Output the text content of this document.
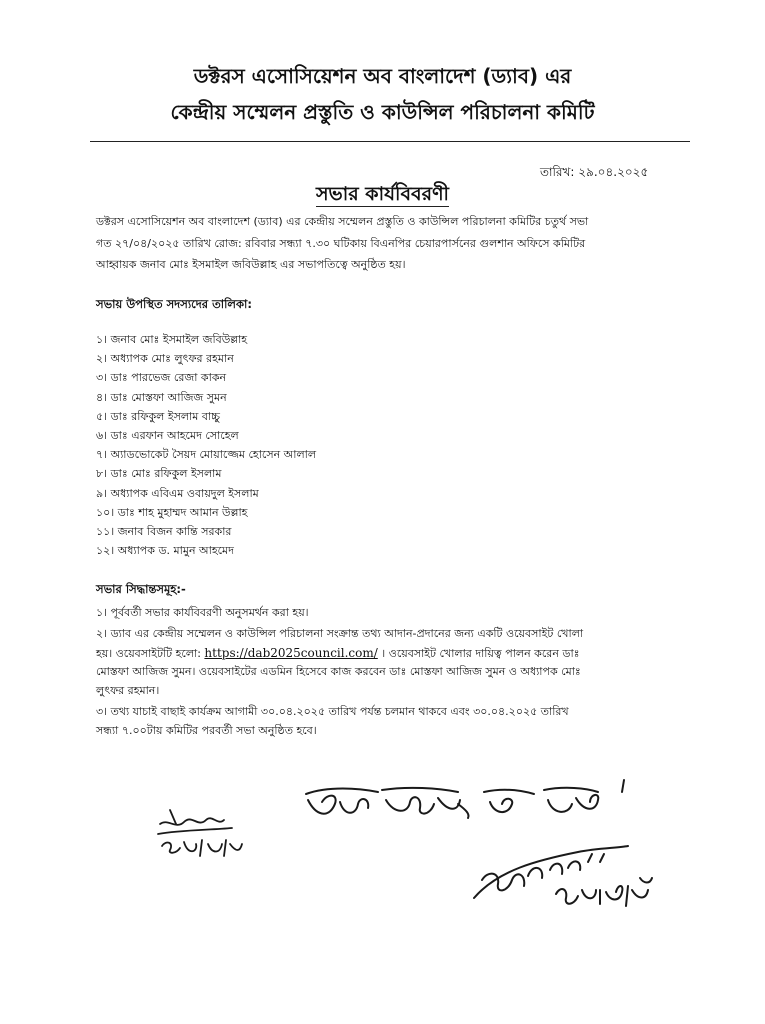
ডক্টরস এসোসিয়েশন অব বাংলাদেশ (ড্যাব) এর
কেন্দ্রীয় সম্মেলন প্রস্তুতি ও কাউন্সিল পরিচালনা কমিটি
তারিখ: ২৯.০৪.২০২৫
সভার কার্যবিবরণী
ডক্টরস এসোসিয়েশন অব বাংলাদেশ (ড্যাব) এর কেন্দ্রীয় সম্মেলন প্রস্তুতি ও কাউন্সিল পরিচালনা কমিটির চতুর্থ সভা
গত ২৭/০৪/২০২৫ তারিখ রোজ: রবিবার সন্ধ্যা ৭.৩০ ঘটিকায় বিএনপির চেয়ারপার্সনের গুলশান অফিসে কমিটির
আহ্বায়ক জনাব মোঃ ইসমাইল জবিউল্লাহ এর সভাপতিত্বে অনুষ্ঠিত হয়।
সভায় উপস্থিত সদস্যদের তালিকা:
১। জনাব মোঃ ইসমাইল জবিউল্লাহ
২। অধ্যাপক মোঃ লুৎফর রহমান
৩। ডাঃ পারভেজ রেজা কাকন
৪। ডাঃ মোস্তফা আজিজ সুমন
৫। ডাঃ রফিকুল ইসলাম বাচ্চু
৬। ডাঃ এরফান আহমেদ সোহেল
৭। অ্যাডভোকেট সৈয়দ মোয়াজ্জেম হোসেন আলাল
৮। ডাঃ মোঃ রফিকুল ইসলাম
৯। অধ্যাপক এবিএম ওবায়দুল ইসলাম
১০। ডাঃ শাহ মুহাম্মদ আমান উল্লাহ
১১। জনাব বিজন কান্তি সরকার
১২। অধ্যাপক ড. মামুন আহমেদ
সভার সিদ্ধান্তসমূহ:-
১। পূর্ববর্তী সভার কার্যবিবরণী অনুসমর্থন করা হয়।
২। ড্যাব এর কেন্দ্রীয় সম্মেলন ও কাউন্সিল পরিচালনা সংক্রান্ত তথ্য আদান-প্রদানের জন্য একটি ওয়েবসাইট খোলা
হয়। ওয়েবসাইটটি হলো: https://dab2025council.com/ । ওয়েবসাইট খোলার দায়িত্ব পালন করেন ডাঃ
মোস্তফা আজিজ সুমন। ওয়েবসাইটের এডমিন হিসেবে কাজ করবেন ডাঃ মোস্তফা আজিজ সুমন ও অধ্যাপক মোঃ
লুৎফর রহমান।
৩। তথ্য যাচাই বাছাই কার্যক্রম আগামী ৩০.০৪.২০২৫ তারিখ পর্যন্ত চলমান থাকবে এবং ৩০.০৪.২০২৫ তারিখ
সন্ধ্যা ৭.০০টায় কমিটির পরবর্তী সভা অনুষ্ঠিত হবে।
